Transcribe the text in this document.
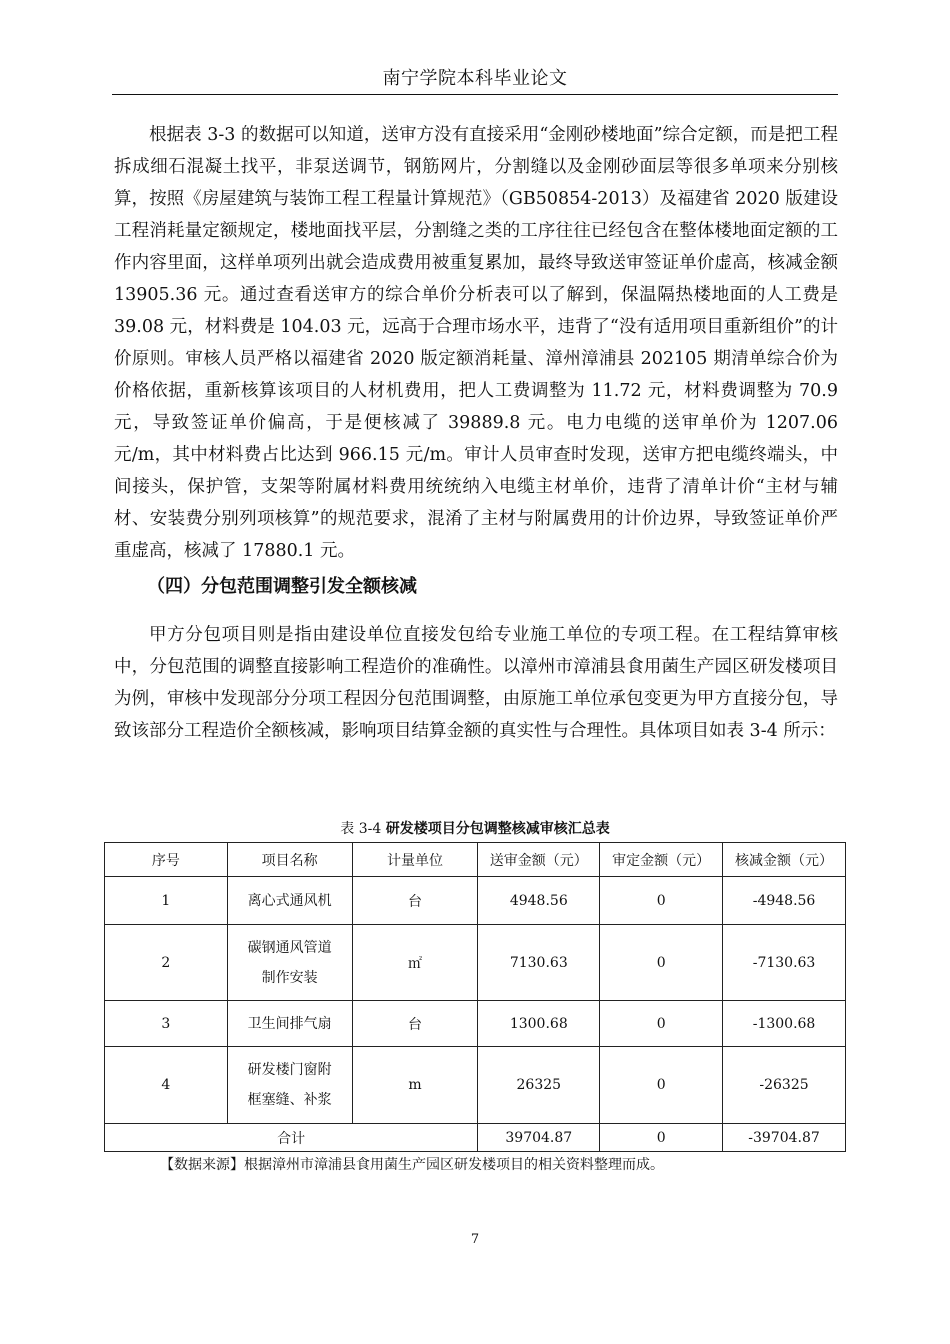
南宁学院本科毕业论文

根据表 3-3 的数据可以知道，送审方没有直接采用“金刚砂楼地面”综合定额，而是把工程拆成细石混凝土找平，非泵送调节，钢筋网片，分割缝以及金刚砂面层等很多单项来分别核算，按照《房屋建筑与装饰工程工程量计算规范》（GB50854-2013）及福建省 2020 版建设工程消耗量定额规定，楼地面找平层，分割缝之类的工序往往已经包含在整体楼地面定额的工作内容里面，这样单项列出就会造成费用被重复累加，最终导致送审签证单价虚高，核减金额 13905.36 元。通过查看送审方的综合单价分析表可以了解到，保温隔热楼地面的人工费是 39.08 元，材料费是 104.03 元，远高于合理市场水平，违背了“没有适用项目重新组价”的计价原则。审核人员严格以福建省 2020 版定额消耗量、漳州漳浦县 202105 期清单综合价为价格依据，重新核算该项目的人材机费用，把人工费调整为 11.72 元，材料费调整为 70.9 元，导致签证单价偏高，于是便核减了 39889.8 元。电力电缆的送审单价为 1207.06 元/m，其中材料费占比达到 966.15 元/m。审计人员审查时发现，送审方把电缆终端头，中间接头，保护管，支架等附属材料费用统统纳入电缆主材单价，违背了清单计价“主材与辅材、安装费分别列项核算”的规范要求，混淆了主材与附属费用的计价边界，导致签证单价严重虚高，核减了 17880.1 元。

（四）分包范围调整引发全额核减

甲方分包项目则是指由建设单位直接发包给专业施工单位的专项工程。在工程结算审核中，分包范围的调整直接影响工程造价的准确性。以漳州市漳浦县食用菌生产园区研发楼项目为例，审核中发现部分分项工程因分包范围调整，由原施工单位承包变更为甲方直接分包，导致该部分工程造价全额核减，影响项目结算金额的真实性与合理性。具体项目如表 3-4 所示：

表 3-4 研发楼项目分包调整核减审核汇总表
序号	项目名称	计量单位	送审金额（元）	审定金额（元）	核减金额（元）
1	离心式通风机	台	4948.56	0	-4948.56
2	碳钢通风管道
制作安装	㎡	7130.63	0	-7130.63
3	卫生间排气扇	台	1300.68	0	-1300.68
4	研发楼门窗附
框塞缝、补浆	m	26325	0	-26325
合计			39704.87	0	-39704.87
【数据来源】根据漳州市漳浦县食用菌生产园区研发楼项目的相关资料整理而成。
7
